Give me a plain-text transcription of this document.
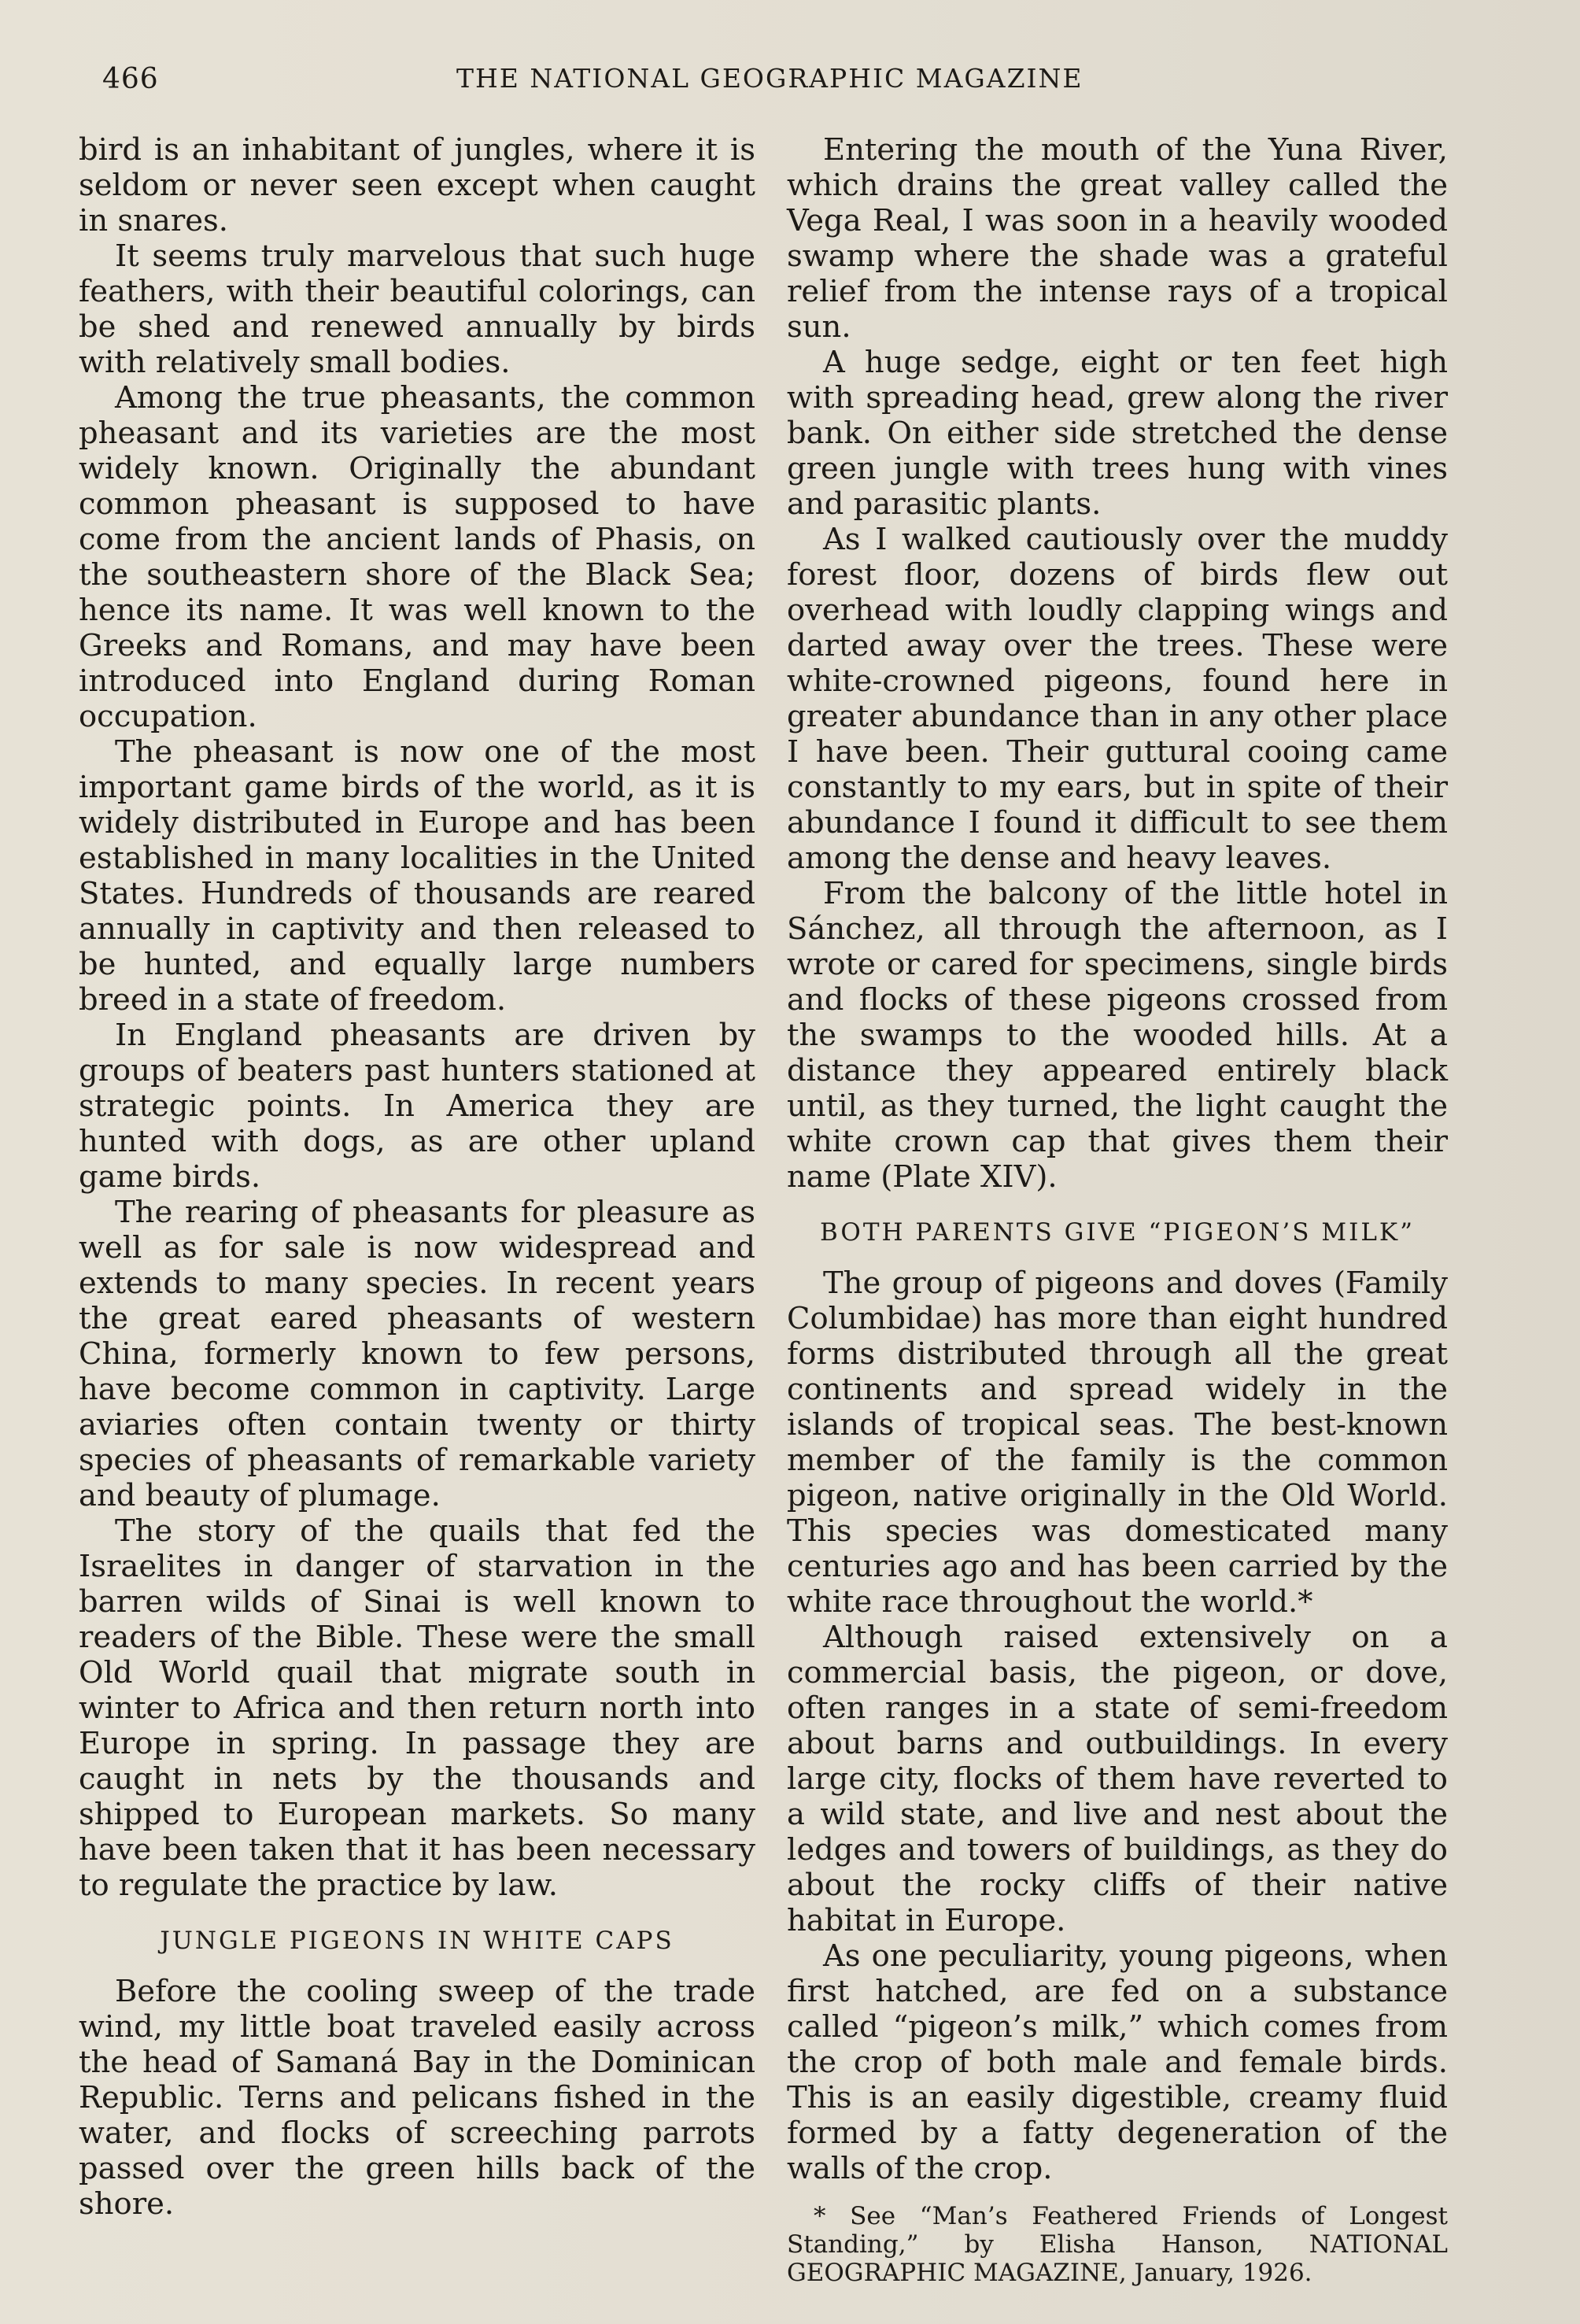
466	THE NATIONAL GEOGRAPHIC MAGAZINE

bird is an inhabitant of jungles, where it is seldom or never seen except when caught in snares.

It seems truly marvelous that such huge feathers, with their beautiful colorings, can be shed and renewed annually by birds with relatively small bodies.

Among the true pheasants, the common pheasant and its varieties are the most widely known. Originally the abundant common pheasant is supposed to have come from the ancient lands of Phasis, on the southeastern shore of the Black Sea; hence its name. It was well known to the Greeks and Romans, and may have been introduced into England during Roman occupation.

The pheasant is now one of the most important game birds of the world, as it is widely distributed in Europe and has been established in many localities in the United States. Hundreds of thousands are reared annually in captivity and then released to be hunted, and equally large numbers breed in a state of freedom.

In England pheasants are driven by groups of beaters past hunters stationed at strategic points. In America they are hunted with dogs, as are other upland game birds.

The rearing of pheasants for pleasure as well as for sale is now widespread and extends to many species. In recent years the great eared pheasants of western China, formerly known to few persons, have become common in captivity. Large aviaries often contain twenty or thirty species of pheasants of remarkable variety and beauty of plumage.

The story of the quails that fed the Israelites in danger of starvation in the barren wilds of Sinai is well known to readers of the Bible. These were the small Old World quail that migrate south in winter to Africa and then return north into Europe in spring. In passage they are caught in nets by the thousands and shipped to European markets. So many have been taken that it has been necessary to regulate the practice by law.

JUNGLE PIGEONS IN WHITE CAPS

Before the cooling sweep of the trade wind, my little boat traveled easily across the head of Samaná Bay in the Dominican Republic. Terns and pelicans fished in the water, and flocks of screeching parrots passed over the green hills back of the shore.

Entering the mouth of the Yuna River, which drains the great valley called the Vega Real, I was soon in a heavily wooded swamp where the shade was a grateful relief from the intense rays of a tropical sun.

A huge sedge, eight or ten feet high with spreading head, grew along the river bank. On either side stretched the dense green jungle with trees hung with vines and parasitic plants.

As I walked cautiously over the muddy forest floor, dozens of birds flew out overhead with loudly clapping wings and darted away over the trees. These were white-crowned pigeons, found here in greater abundance than in any other place I have been. Their guttural cooing came constantly to my ears, but in spite of their abundance I found it difficult to see them among the dense and heavy leaves.

From the balcony of the little hotel in Sánchez, all through the afternoon, as I wrote or cared for specimens, single birds and flocks of these pigeons crossed from the swamps to the wooded hills. At a distance they appeared entirely black until, as they turned, the light caught the white crown cap that gives them their name (Plate XIV).

BOTH PARENTS GIVE “PIGEON’S MILK”

The group of pigeons and doves (Family Columbidae) has more than eight hundred forms distributed through all the great continents and spread widely in the islands of tropical seas. The best-known member of the family is the common pigeon, native originally in the Old World. This species was domesticated many centuries ago and has been carried by the white race throughout the world.*

Although raised extensively on a commercial basis, the pigeon, or dove, often ranges in a state of semi-freedom about barns and outbuildings. In every large city, flocks of them have reverted to a wild state, and live and nest about the ledges and towers of buildings, as they do about the rocky cliffs of their native habitat in Europe.

As one peculiarity, young pigeons, when first hatched, are fed on a substance called “pigeon’s milk,” which comes from the crop of both male and female birds. This is an easily digestible, creamy fluid formed by a fatty degeneration of the walls of the crop.

* See “Man’s Feathered Friends of Longest Standing,” by Elisha Hanson, NATIONAL GEOGRAPHIC MAGAZINE, January, 1926.
